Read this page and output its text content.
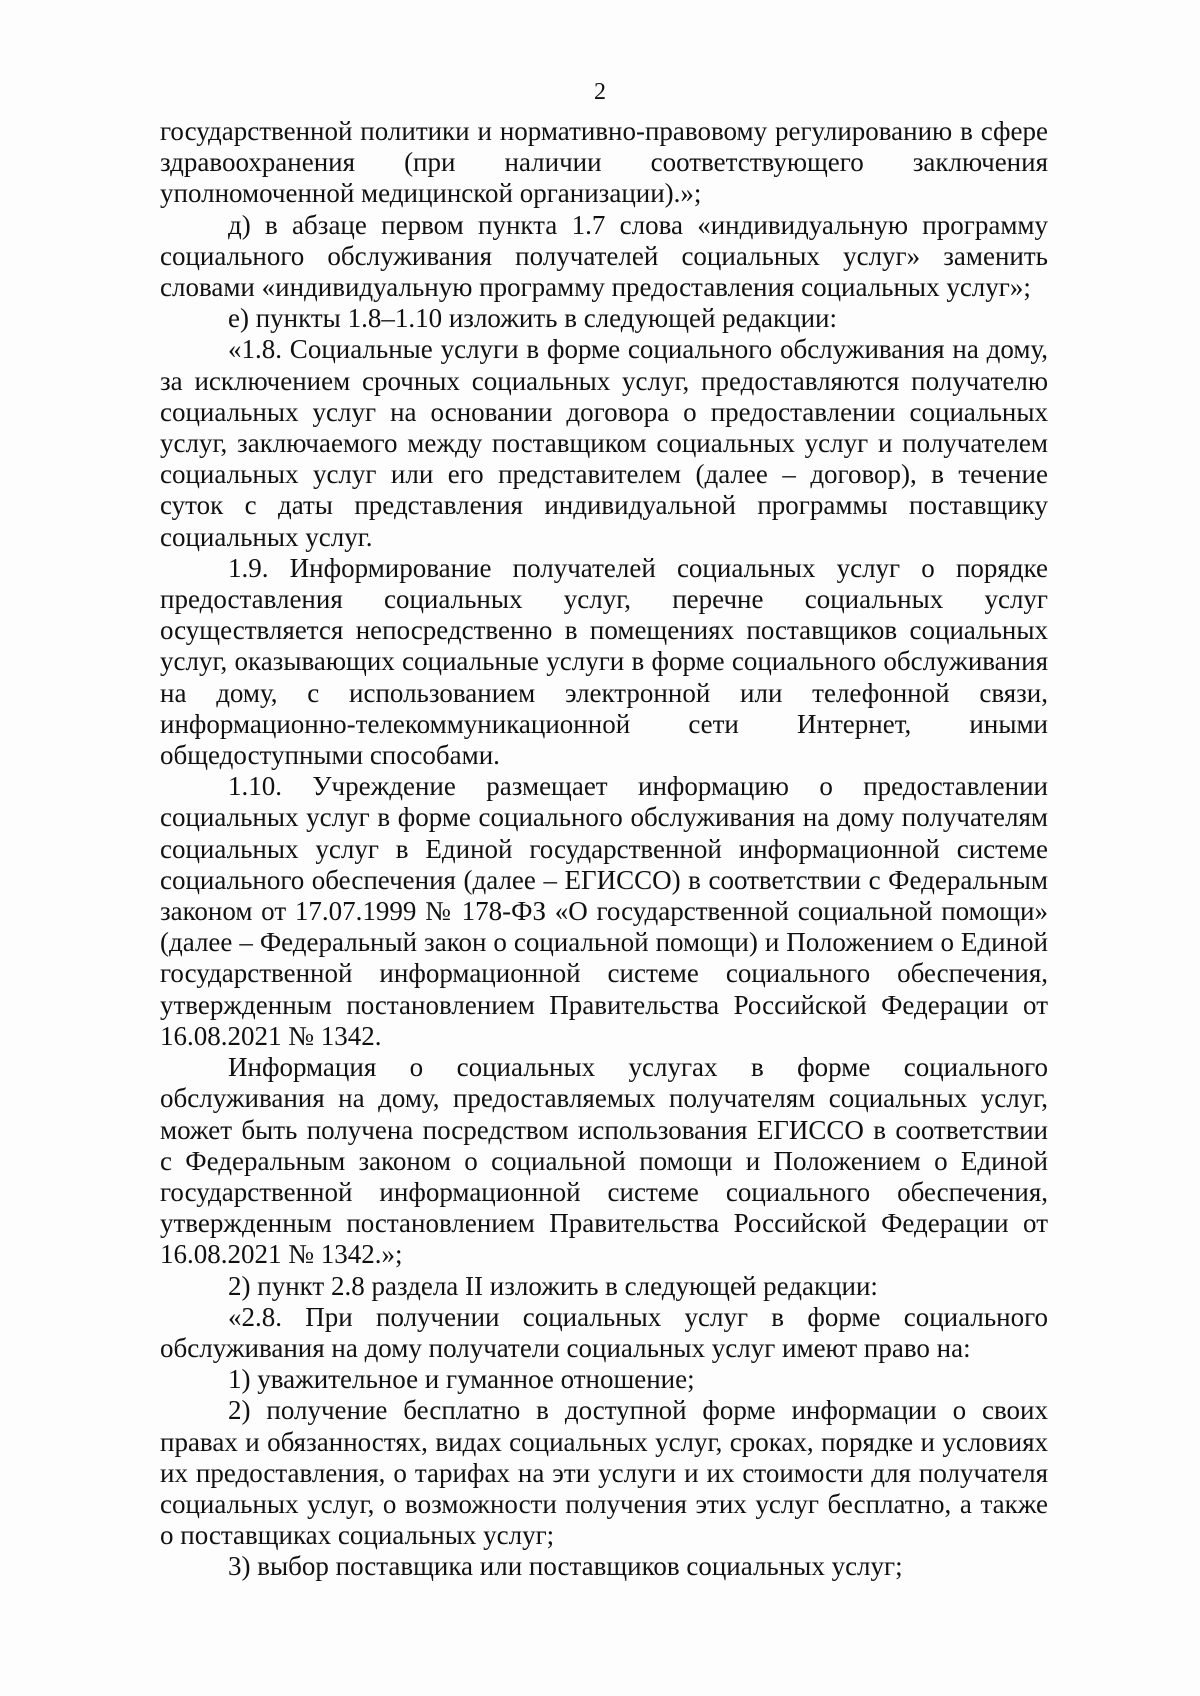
2

государственной политики и нормативно-правовому регулированию в сфере здравоохранения (при наличии соответствующего заключения уполномоченной медицинской организации).»;

д) в абзаце первом пункта 1.7 слова «индивидуальную программу социального обслуживания получателей социальных услуг» заменить словами «индивидуальную программу предоставления социальных услуг»;

е) пункты 1.8–1.10 изложить в следующей редакции:

«1.8. Социальные услуги в форме социального обслуживания на дому, за исключением срочных социальных услуг, предоставляются получателю социальных услуг на основании договора о предоставлении социальных услуг, заключаемого между поставщиком социальных услуг и получателем социальных услуг или его представителем (далее – договор), в течение суток с даты представления индивидуальной программы поставщику социальных услуг.

1.9. Информирование получателей социальных услуг о порядке предоставления социальных услуг, перечне социальных услуг осуществляется непосредственно в помещениях поставщиков социальных услуг, оказывающих социальные услуги в форме социального обслуживания на дому, с использованием электронной или телефонной связи, информационно-телекоммуникационной сети Интернет, иными общедоступными способами.

1.10. Учреждение размещает информацию о предоставлении социальных услуг в форме социального обслуживания на дому получателям социальных услуг в Единой государственной информационной системе социального обеспечения (далее – ЕГИССО) в соответствии с Федеральным законом от 17.07.1999 № 178-ФЗ «О государственной социальной помощи» (далее – Федеральный закон о социальной помощи) и Положением о Единой государственной информационной системе социального обеспечения, утвержденным постановлением Правительства Российской Федерации от 16.08.2021 № 1342.

Информация о социальных услугах в форме социального обслуживания на дому, предоставляемых получателям социальных услуг, может быть получена посредством использования ЕГИССО в соответствии с Федеральным законом о социальной помощи и Положением о Единой государственной информационной системе социального обеспечения, утвержденным постановлением Правительства Российской Федерации от 16.08.2021 № 1342.»;

2) пункт 2.8 раздела II изложить в следующей редакции:

«2.8. При получении социальных услуг в форме социального обслуживания на дому получатели социальных услуг имеют право на:

1) уважительное и гуманное отношение;

2) получение бесплатно в доступной форме информации о своих правах и обязанностях, видах социальных услуг, сроках, порядке и условиях их предоставления, о тарифах на эти услуги и их стоимости для получателя социальных услуг, о возможности получения этих услуг бесплатно, а также о поставщиках социальных услуг;

3) выбор поставщика или поставщиков социальных услуг;
